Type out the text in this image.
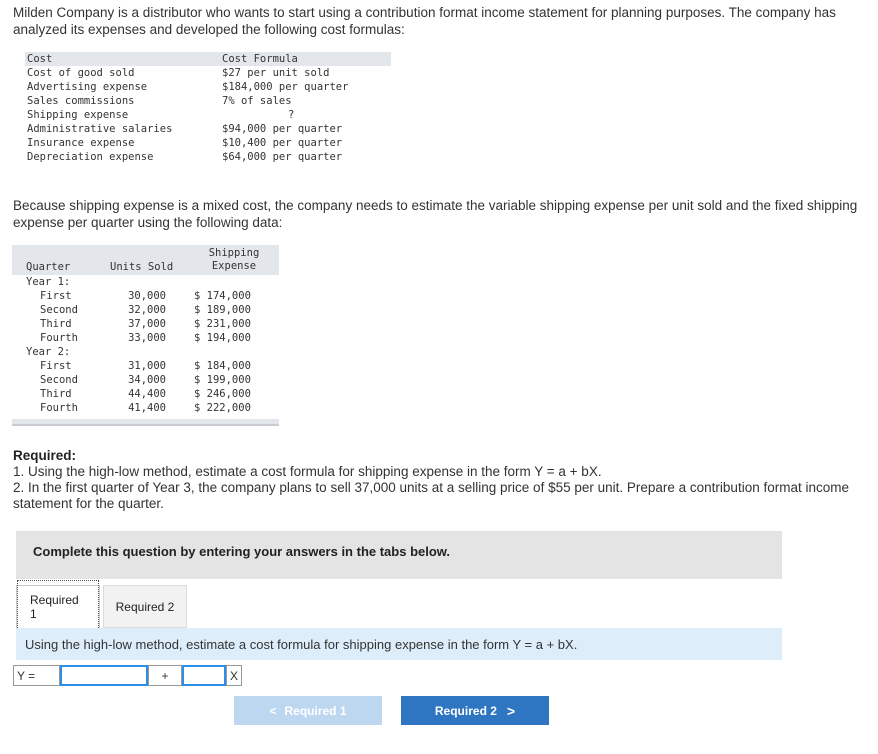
Milden Company is a distributor who wants to start using a contribution format income statement for planning purposes. The company has analyzed its expenses and developed the following cost formulas:
Cost	Cost Formula
Cost of good sold	$27 per unit sold
Advertising expense	$184,000 per quarter
Sales commissions	7% of sales
Shipping expense	?
Administrative salaries	$94,000 per quarter
Insurance expense	$10,400 per quarter
Depreciation expense	$64,000 per quarter
Because shipping expense is a mixed cost, the company needs to estimate the variable shipping expense per unit sold and the fixed shipping expense per quarter using the following data:
Quarter	Units Sold
Shipping
Expense
Year 1:
First	30,000	$ 174,000
Second	32,000	$ 189,000
Third	37,000	$ 231,000
Fourth	33,000	$ 194,000
Year 2:
First	31,000	$ 184,000
Second	34,000	$ 199,000
Third	44,400	$ 246,000
Fourth	41,400	$ 222,000
Required:
1. Using the high-low method, estimate a cost formula for shipping expense in the form Y = a + bX.
2. In the first quarter of Year 3, the company plans to sell 37,000 units at a selling price of $55 per unit. Prepare a contribution format income statement for the quarter.
Complete this question by entering your answers in the tabs below.
Required 1
Required 2
Using the high-low method, estimate a cost formula for shipping expense in the form Y = a + bX.
Y =	+	X
< Required 1	Required 2 >
